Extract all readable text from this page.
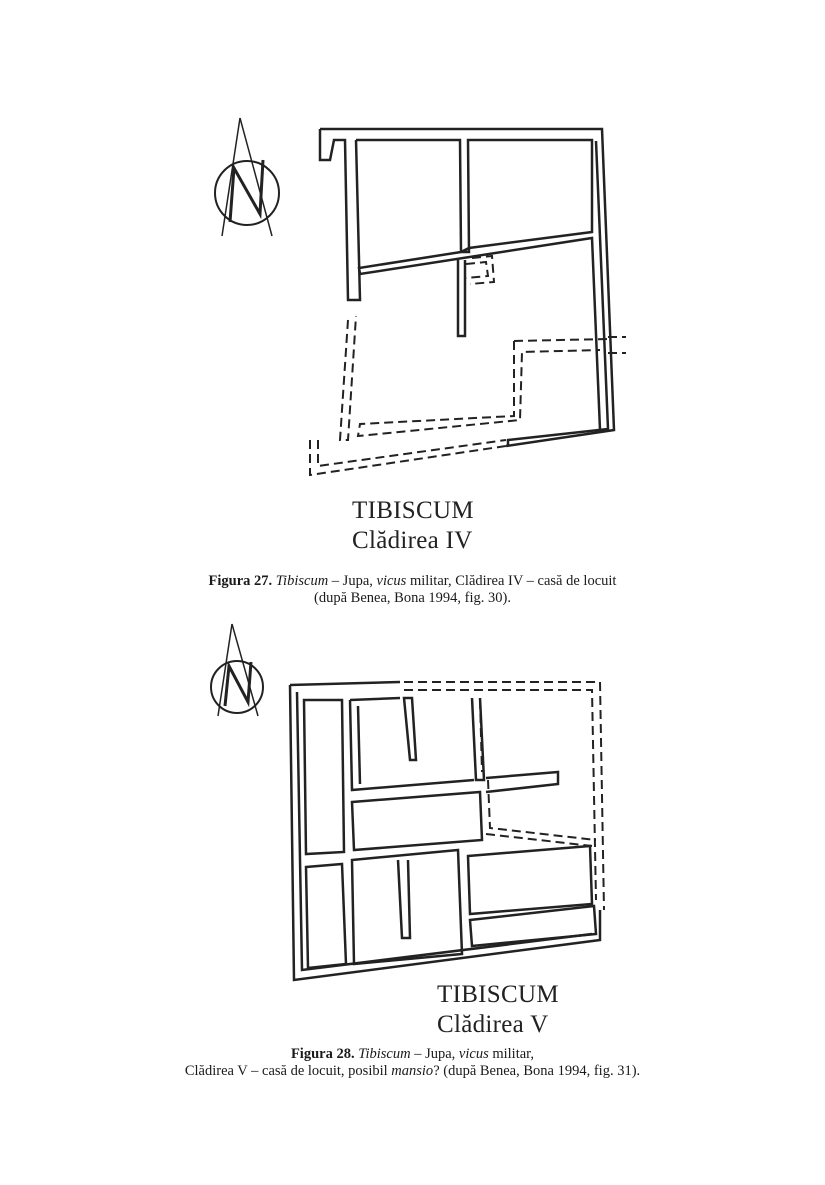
TIBISCUM
Clădirea IV
Figura 27. Tibiscum – Jupa, vicus militar, Clădirea IV – casă de locuit
(după Benea, Bona 1994, fig. 30).
TIBISCUM
Clădirea V
Figura 28. Tibiscum – Jupa, vicus militar,
Clădirea V – casă de locuit, posibil mansio? (după Benea, Bona 1994, fig. 31).
